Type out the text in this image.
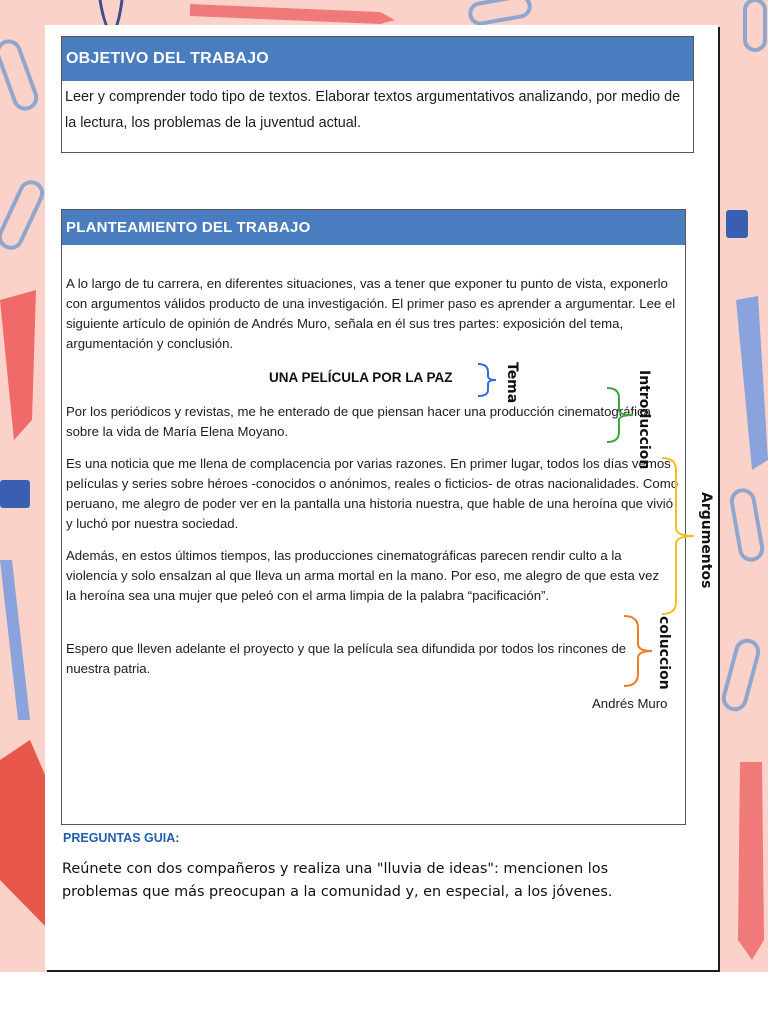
OBJETIVO DEL TRABAJO
Leer y comprender todo tipo de textos. Elaborar textos argumentativos analizando, por medio de la lectura, los problemas de la juventud actual.
PLANTEAMIENTO DEL TRABAJO
A lo largo de tu carrera, en diferentes situaciones, vas a tener que exponer tu punto de vista, exponerlo con argumentos válidos producto de una investigación. El primer paso es aprender a argumentar. Lee el siguiente artículo de opinión de Andrés Muro, señala en él sus tres partes: exposición del tema, argumentación y conclusión.
UNA PELÍCULA POR LA PAZ
Por los periódicos y revistas, me he enterado de que piensan hacer una producción cinematográfica sobre la vida de María Elena Moyano.
Es una noticia que me llena de complacencia por varias razones. En primer lugar, todos los días vemos películas y series sobre héroes -conocidos o anónimos, reales o ficticios- de otras nacionalidades. Como peruano, me alegro de poder ver en la pantalla una historia nuestra, que hable de una heroína que vivió y luchó por nuestra sociedad.
Además, en estos últimos tiempos, las producciones cinematográficas parecen rendir culto a la violencia y solo ensalzan al que lleva un arma mortal en la mano. Por eso, me alegro de que esta vez la heroína sea una mujer que peleó con el arma limpia de la palabra “pacificación”.
Espero que lleven adelante el proyecto y que la película sea difundida por todos los rincones de nuestra patria.
Andrés Muro
Tema	Introduccion
Argumentos
coluccion
PREGUNTAS GUIA:
Reúnete con dos compañeros y realiza una "lluvia de ideas": mencionen los problemas que más preocupan a la comunidad y, en especial, a los jóvenes.
